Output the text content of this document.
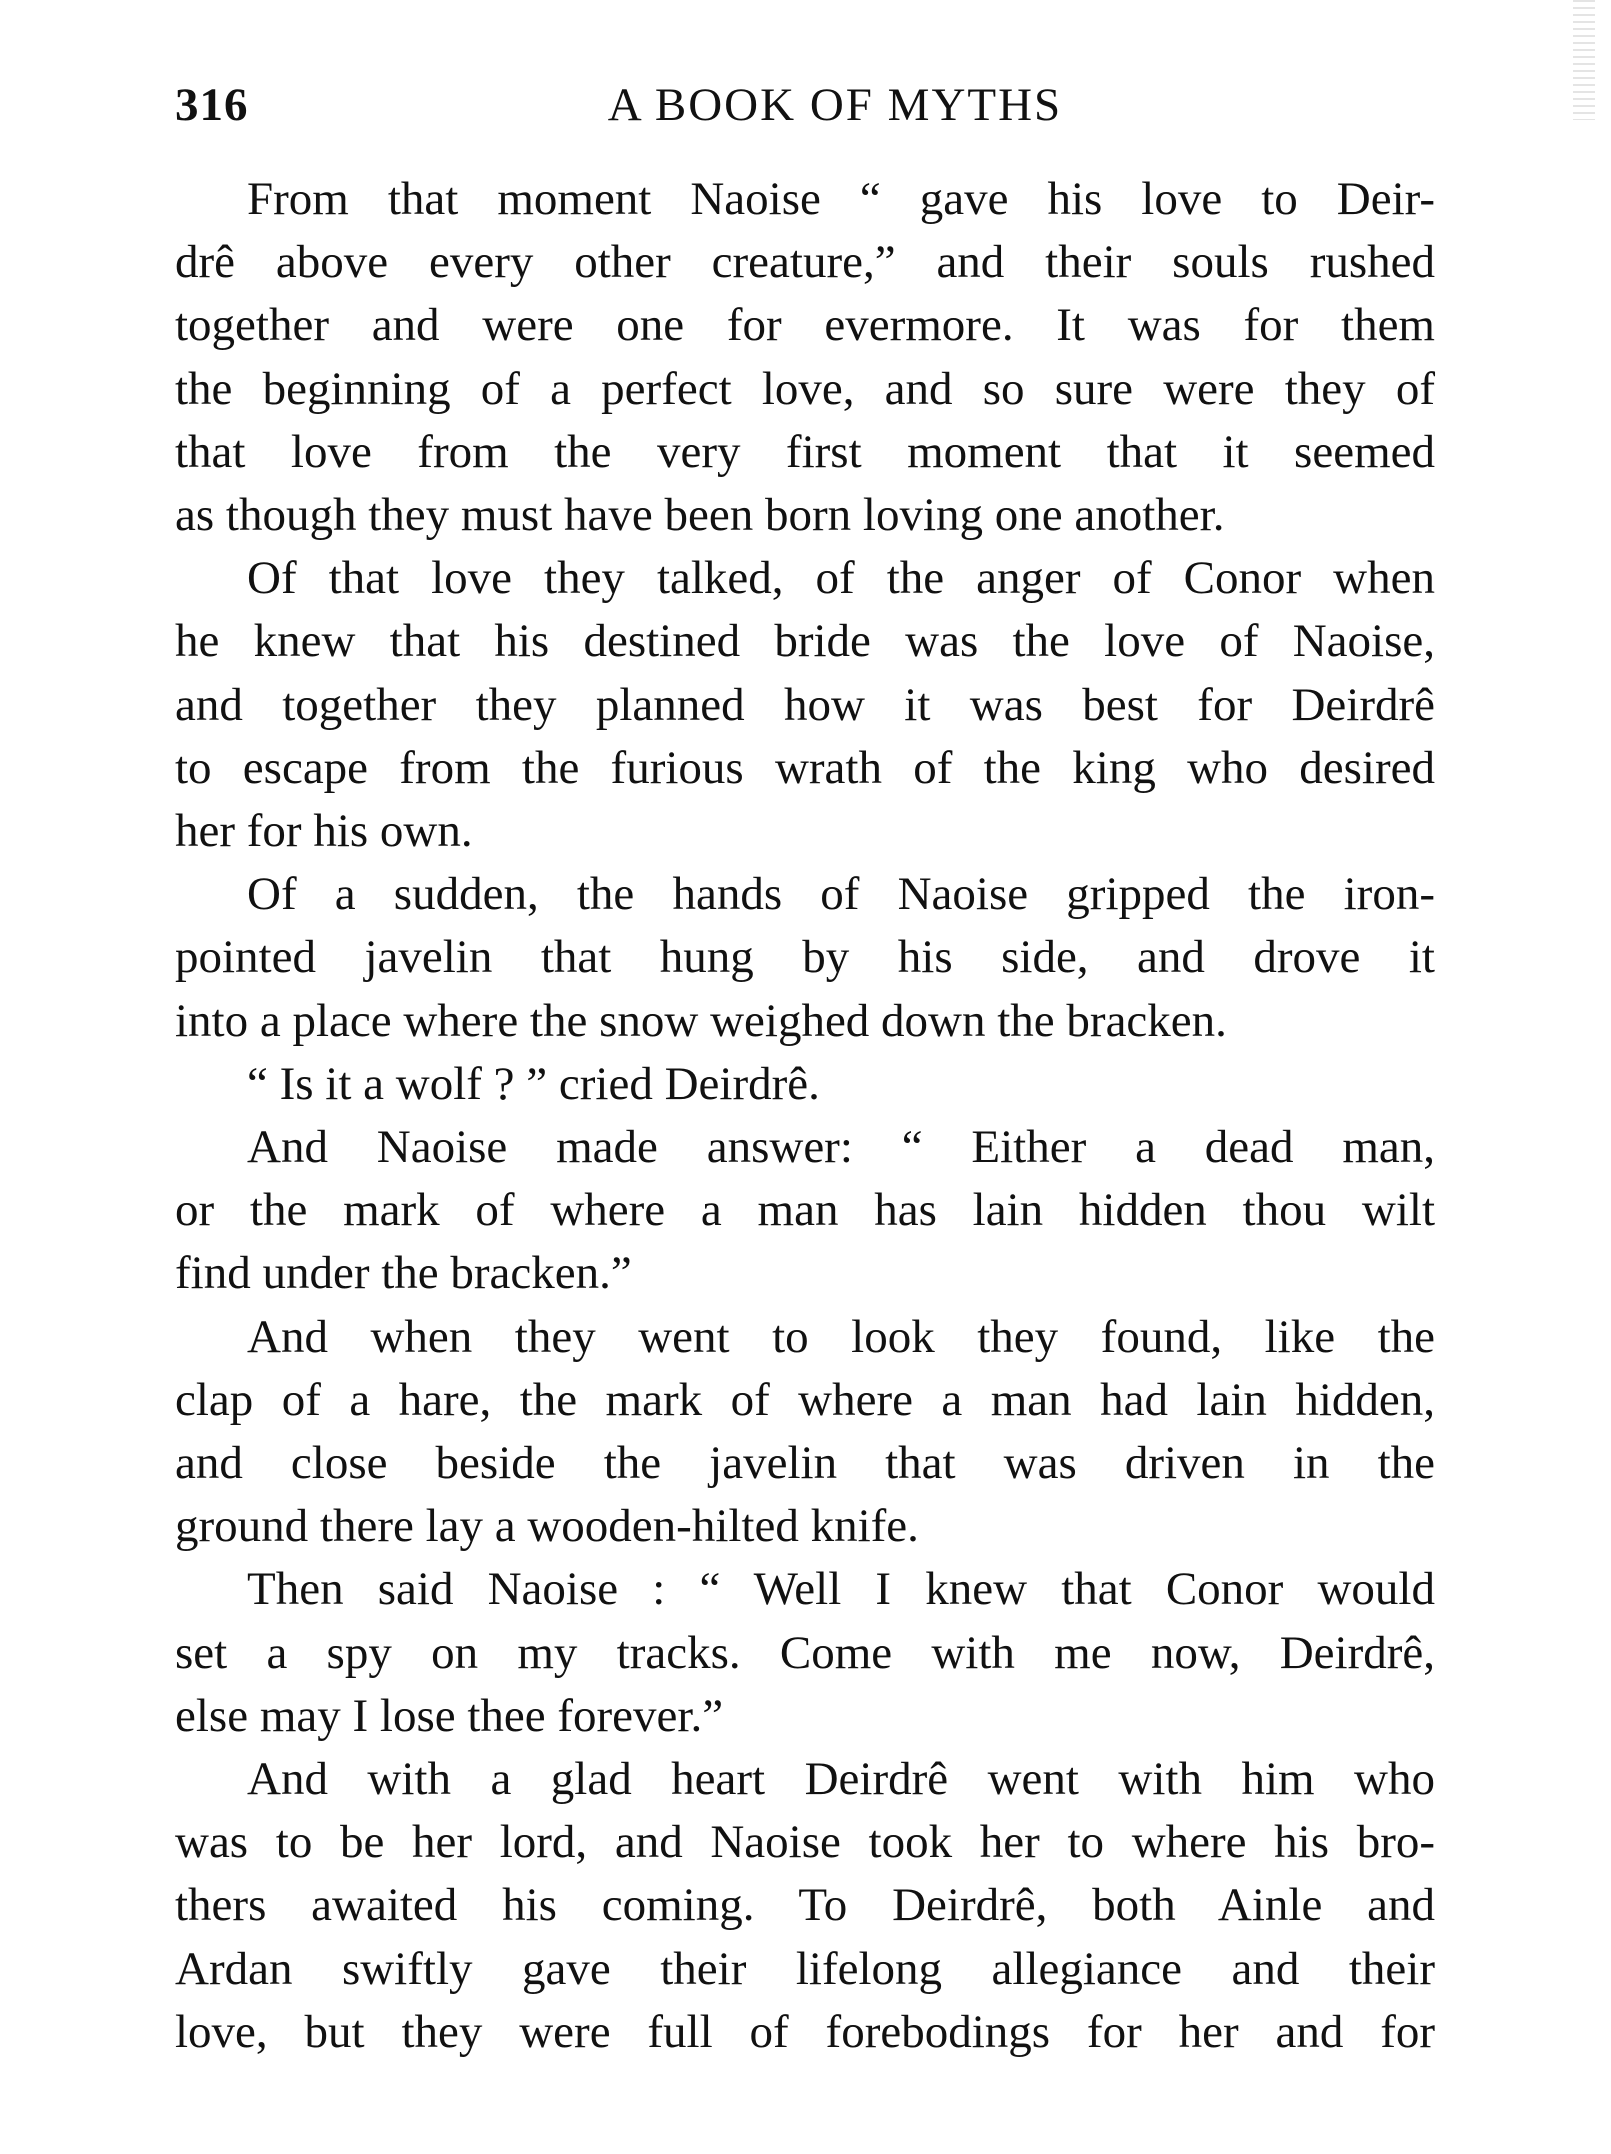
316	A BOOK OF MYTHS

From that moment Naoise “ gave his love to Deir-
drê above every other creature,” and their souls rushed
together and were one for evermore. It was for them
the beginning of a perfect love, and so sure were they of
that love from the very first moment that it seemed
as though they must have been born loving one another.

Of that love they talked, of the anger of Conor when
he knew that his destined bride was the love of Naoise,
and together they planned how it was best for Deirdrê
to escape from the furious wrath of the king who desired
her for his own.

Of a sudden, the hands of Naoise gripped the iron-
pointed javelin that hung by his side, and drove it
into a place where the snow weighed down the bracken.

“ Is it a wolf ? ” cried Deirdrê.

And Naoise made answer: “ Either a dead man,
or the mark of where a man has lain hidden thou wilt
find under the bracken.”

And when they went to look they found, like the
clap of a hare, the mark of where a man had lain hidden,
and close beside the javelin that was driven in the
ground there lay a wooden-hilted knife.

Then said Naoise : “ Well I knew that Conor would
set a spy on my tracks. Come with me now, Deirdrê,
else may I lose thee forever.”

And with a glad heart Deirdrê went with him who
was to be her lord, and Naoise took her to where his bro-
thers awaited his coming. To Deirdrê, both Ainle and
Ardan swiftly gave their lifelong allegiance and their
love, but they were full of forebodings for her and for
